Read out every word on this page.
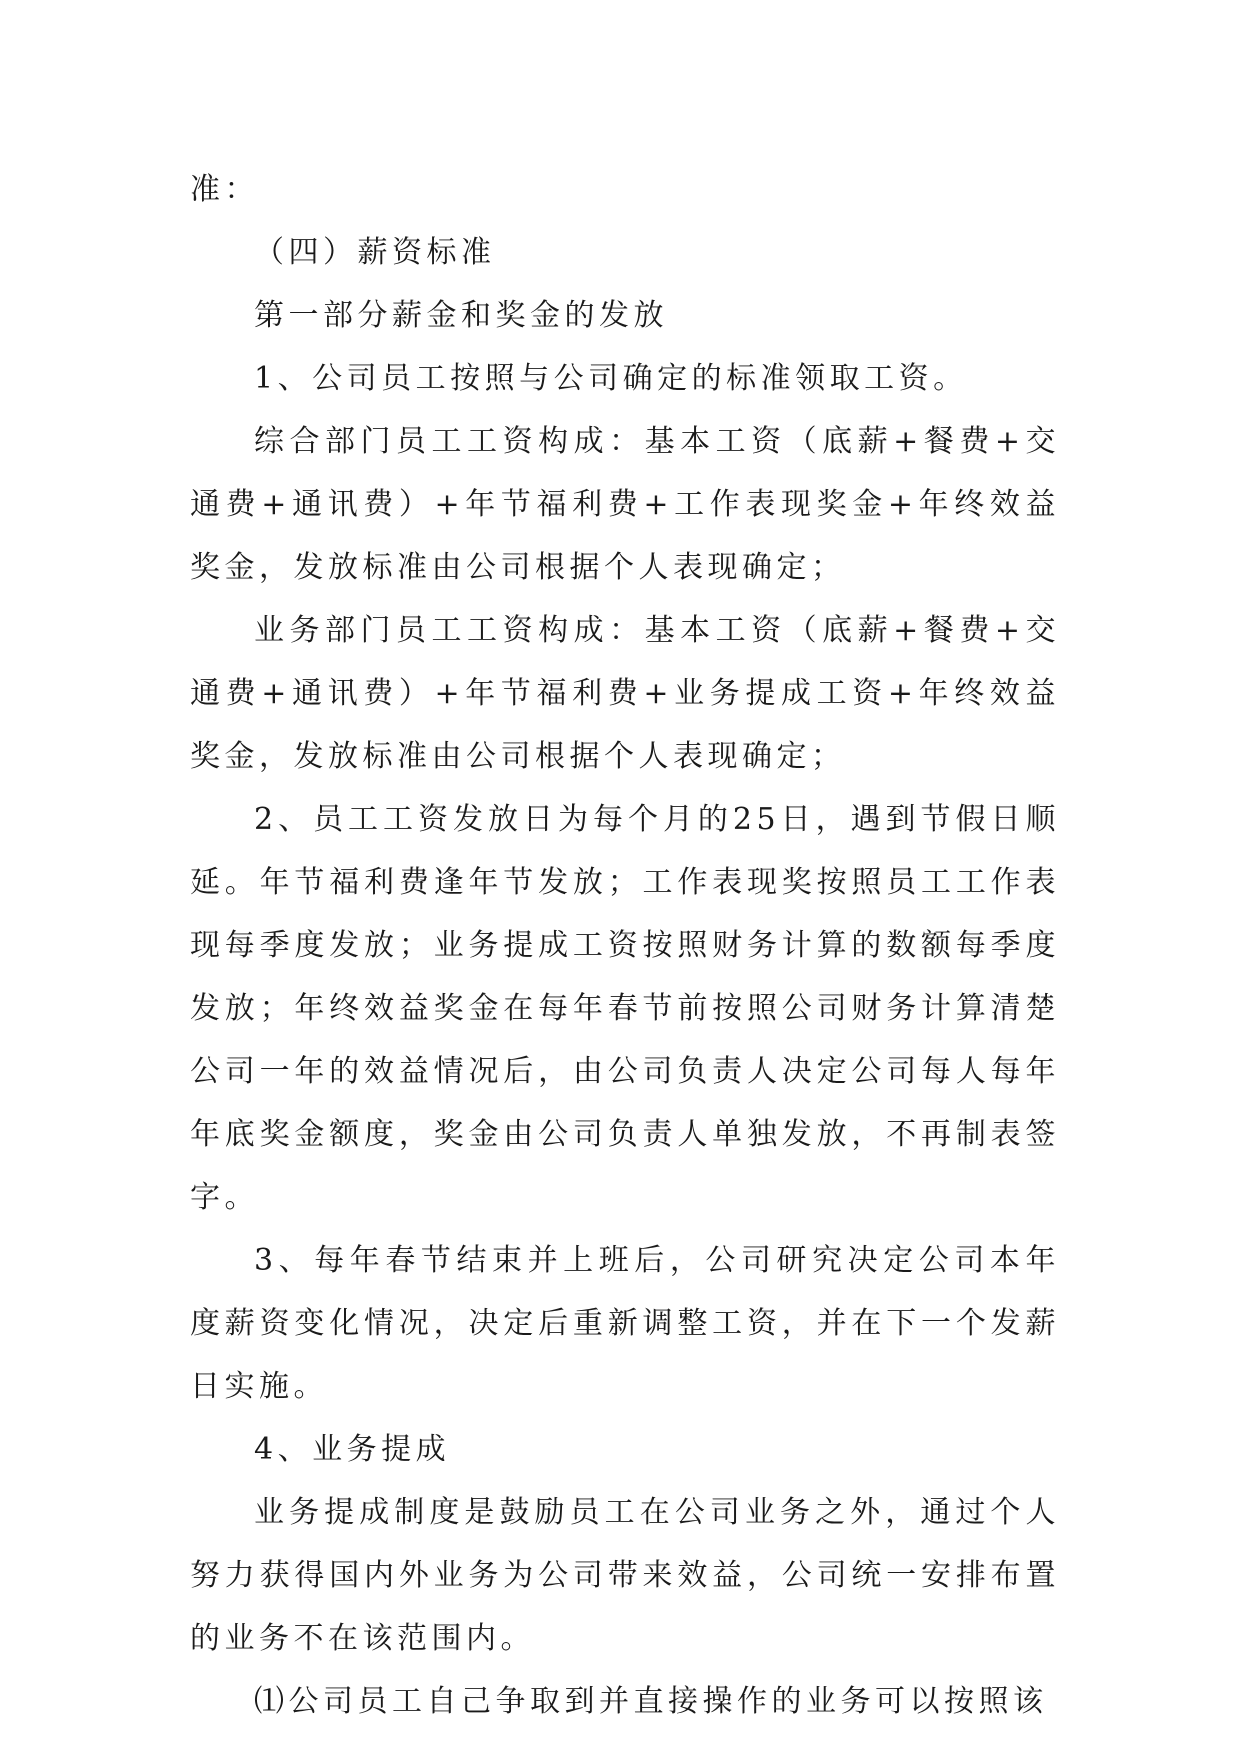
准：

（四）薪资标准

第一部分薪金和奖金的发放

1、公司员工按照与公司确定的标准领取工资。

综合部门员工工资构成：基本工资（底薪+餐费+交通费+通讯费）+年节福利费+工作表现奖金+年终效益奖金，发放标准由公司根据个人表现确定；

业务部门员工工资构成：基本工资（底薪+餐费+交通费+通讯费）+年节福利费+业务提成工资+年终效益奖金，发放标准由公司根据个人表现确定；

2、员工工资发放日为每个月的25日，遇到节假日顺延。年节福利费逢年节发放；工作表现奖按照员工工作表现每季度发放；业务提成工资按照财务计算的数额每季度发放；年终效益奖金在每年春节前按照公司财务计算清楚公司一年的效益情况后，由公司负责人决定公司每人每年年底奖金额度，奖金由公司负责人单独发放，不再制表签字。

3、每年春节结束并上班后，公司研究决定公司本年度薪资变化情况，决定后重新调整工资，并在下一个发薪日实施。

4、业务提成

业务提成制度是鼓励员工在公司业务之外，通过个人努力获得国内外业务为公司带来效益，公司统一安排布置的业务不在该范围内。

⑴公司员工自己争取到并直接操作的业务可以按照该
